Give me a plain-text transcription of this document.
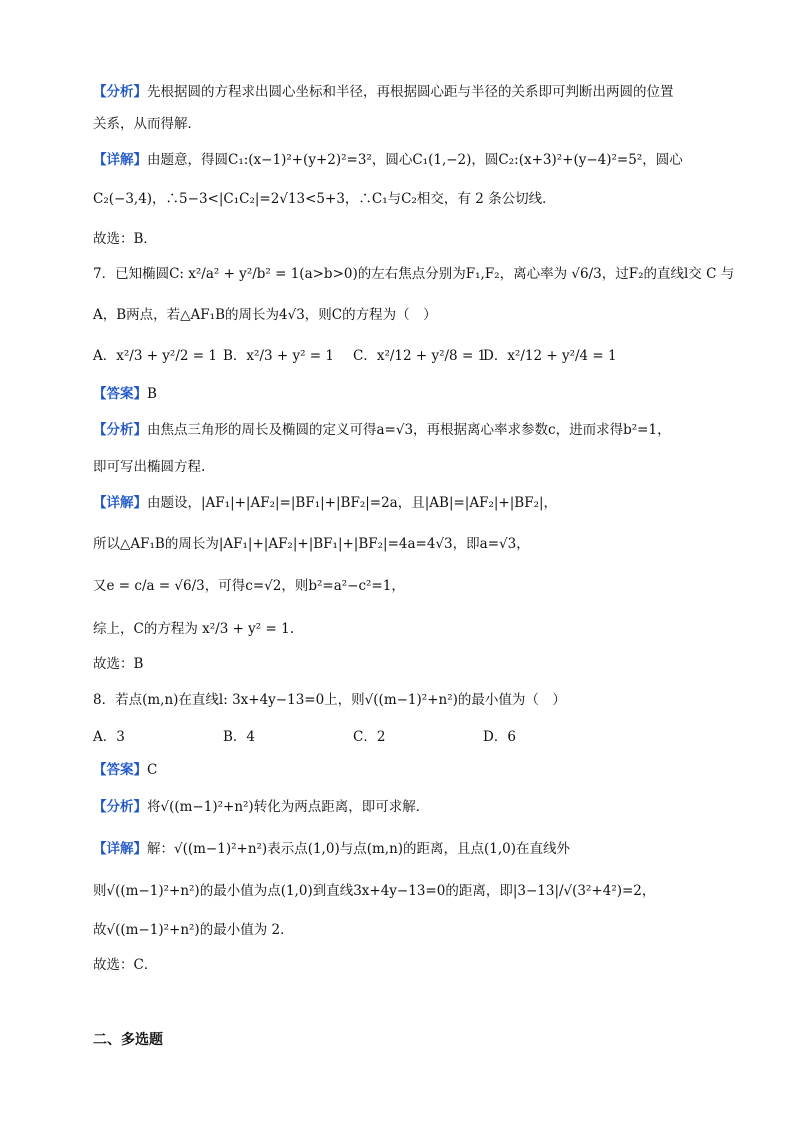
【分析】先根据圆的方程求出圆心坐标和半径，再根据圆心距与半径的关系即可判断出两圆的位置
关系，从而得解．
【详解】由题意，得圆C₁:(x−1)²+(y+2)²=3²，圆心C₁(1,−2)，圆C₂:(x+3)²+(y−4)²=5²，圆心
C₂(−3,4)，∴5−3<|C₁C₂|=2√13<5+3，∴C₁与C₂相交，有 2 条公切线．
故选：B．
7．已知椭圆C: x²/a² + y²/b² = 1(a>b>0)的左右焦点分别为F₁,F₂，离心率为 √6/3，过F₂的直线l交 C 与
A，B两点，若△AF₁B的周长为4√3，则C的方程为（　）
A．x²/3 + y²/2 = 1 B．x²/3 + y² = 1 C．x²/12 + y²/8 = 1D．x²/12 + y²/4 = 1
【答案】B
【分析】由焦点三角形的周长及椭圆的定义可得a=√3，再根据离心率求参数c，进而求得b²=1，
即可写出椭圆方程.
【详解】由题设，|AF₁|+|AF₂|=|BF₁|+|BF₂|=2a，且|AB|=|AF₂|+|BF₂|，
所以△AF₁B的周长为|AF₁|+|AF₂|+|BF₁|+|BF₂|=4a=4√3，即a=√3，
又e = c/a = √6/3，可得c=√2，则b²=a²−c²=1，
综上，C的方程为 x²/3 + y² = 1.
故选：B
8．若点(m,n)在直线l: 3x+4y−13=0上，则√((m−1)²+n²)的最小值为（　）
A．3	B．4	C．2	D．6
【答案】C
【分析】将√((m−1)²+n²)转化为两点距离，即可求解．
【详解】解：√((m−1)²+n²)表示点(1,0)与点(m,n)的距离，且点(1,0)在直线外
则√((m−1)²+n²)的最小值为点(1,0)到直线3x+4y−13=0的距离，即|3−13|/√(3²+4²)=2，
故√((m−1)²+n²)的最小值为 2．
故选：C．
二、多选题
